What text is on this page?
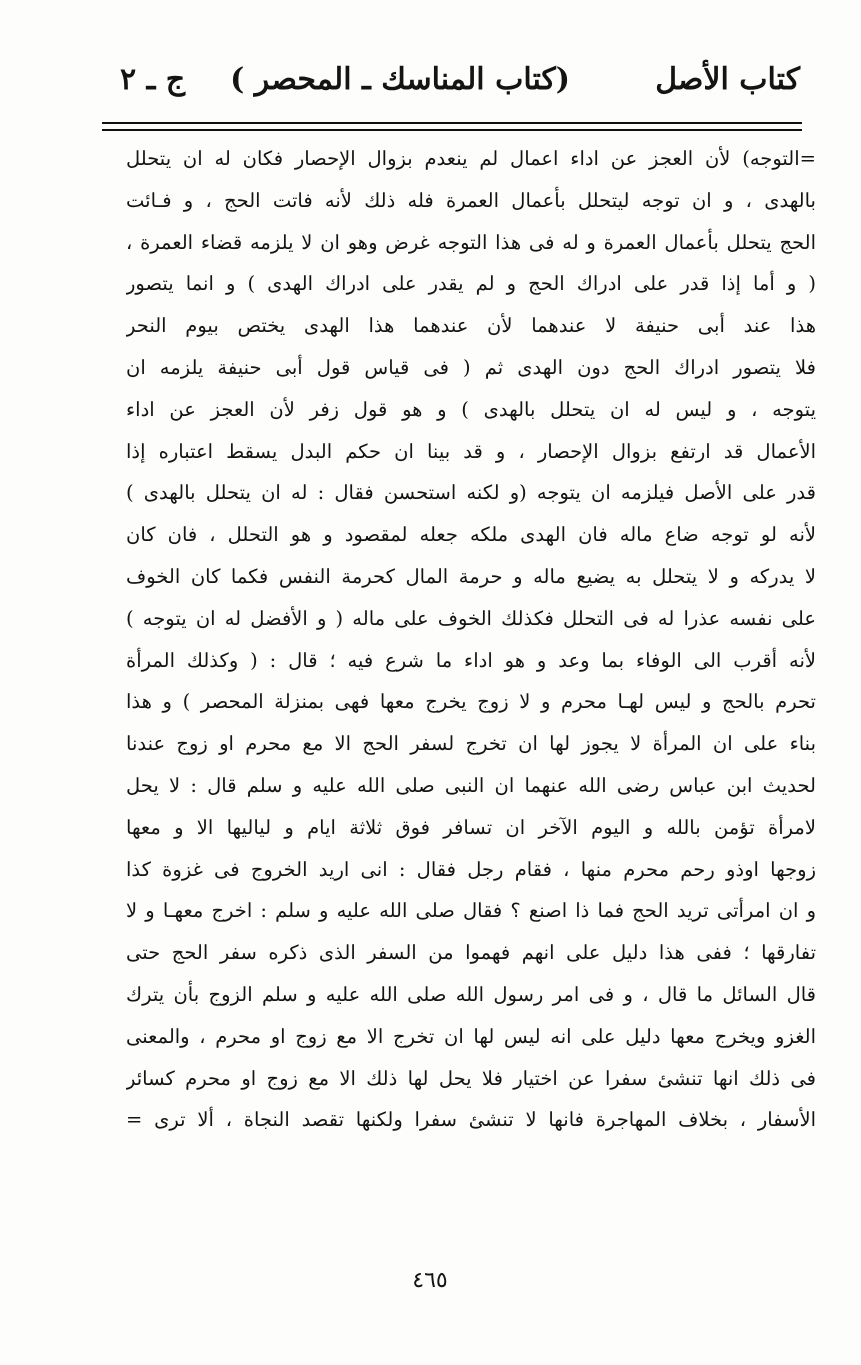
كتاب الأصل
(كتاب المناسك ـ المحصر )
ج ـ ٢
=التوجه) لأن العجز عن اداء اعمال لم ينعدم بزوال الإحصار فكان له ان يتحلل
بالهدى ، و ان توجه ليتحلل بأعمال العمرة فله ذلك لأنه فاتت الحج ، و فـائت
الحج يتحلل بأعمال العمرة و له فى هذا التوجه غرض وهو ان لا يلزمه قضاء العمرة ،
( و أما إذا قدر على ادراك الحج و لم يقدر على ادراك الهدى ) و انما يتصور
هذا عند أبى حنيفة لا عندهما لأن عندهما هذا الهدى يختص بيوم النحر
فلا يتصور ادراك الحج دون الهدى ثم ( فى قياس قول أبى حنيفة يلزمه ان
يتوجه ، و ليس له ان يتحلل بالهدى ) و هو قول زفر لأن العجز عن اداء
الأعمال قد ارتفع بزوال الإحصار ، و قد بينا ان حكم البدل يسقط اعتباره إذا
قدر على الأصل فيلزمه ان يتوجه (و لكنه استحسن فقال : له ان يتحلل بالهدى )
لأنه لو توجه ضاع ماله فان الهدى ملكه جعله لمقصود و هو التحلل ، فان كان
لا يدركه و لا يتحلل به يضيع ماله و حرمة المال كحرمة النفس فكما كان الخوف
على نفسه عذرا له فى التحلل فكذلك الخوف على ماله ( و الأفضل له ان يتوجه )
لأنه أقرب الى الوفاء بما وعد و هو اداء ما شرع فيه ؛ قال : ( وكذلك المرأة
تحرم بالحج و ليس لهـا محرم و لا زوج يخرج معها فهى بمنزلة المحصر ) و هذا
بناء على ان المرأة لا يجوز لها ان تخرج لسفر الحج الا مع محرم او زوج عندنا
لحديث ابن عباس رضى الله عنهما ان النبى صلى الله عليه و سلم قال : لا يحل
لامرأة تؤمن بالله و اليوم الآخر ان تسافر فوق ثلاثة ايام و لياليها الا و معها
زوجها اوذو رحم محرم منها ، فقام رجل فقال : انى اريد الخروج فى غزوة كذا
و ان امرأتى تريد الحج فما ذا اصنع ؟ فقال صلى الله عليه و سلم : اخرج معهـا و لا
تفارقها ؛ ففى هذا دليل على انهم فهموا من السفر الذى ذكره سفر الحج حتى
قال السائل ما قال ، و فى امر رسول الله صلى الله عليه و سلم الزوج بأن يترك
الغزو ويخرج معها دليل على انه ليس لها ان تخرج الا مع زوج او محرم ، والمعنى
فى ذلك انها تنشئ سفرا عن اختيار فلا يحل لها ذلك الا مع زوج او محرم كسائر
الأسفار ، بخلاف المهاجرة فانها لا تنشئ سفرا ولكنها تقصد النجاة ، ألا ترى =
٤٦٥
